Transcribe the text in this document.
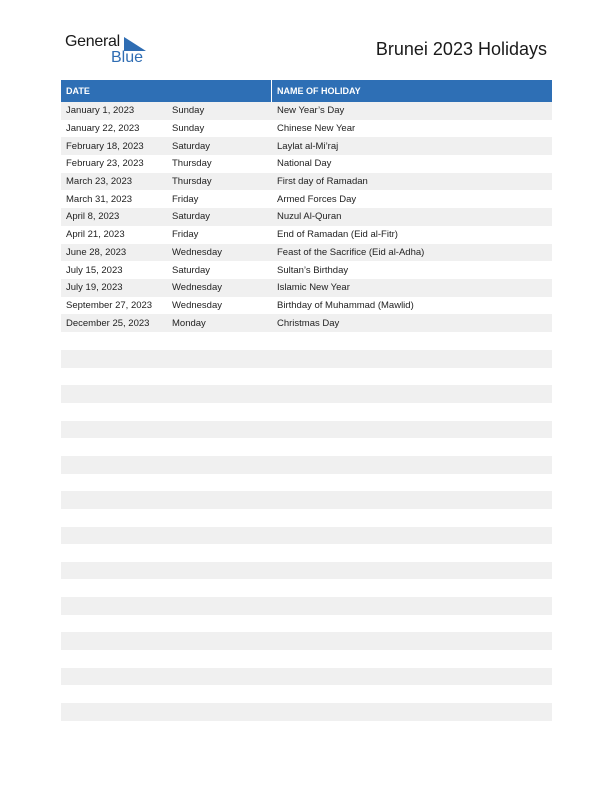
General
Blue	Brunei 2023 Holidays
DATE	NAME OF HOLIDAY
January 1, 2023	Sunday	New Year’s Day
January 22, 2023	Sunday	Chinese New Year
February 18, 2023	Saturday	Laylat al-Mi’raj
February 23, 2023	Thursday	National Day
March 23, 2023	Thursday	First day of Ramadan
March 31, 2023	Friday	Armed Forces Day
April 8, 2023	Saturday	Nuzul Al-Quran
April 21, 2023	Friday	End of Ramadan (Eid al-Fitr)
June 28, 2023	Wednesday	Feast of the Sacrifice (Eid al-Adha)
July 15, 2023	Saturday	Sultan’s Birthday
July 19, 2023	Wednesday	Islamic New Year
September 27, 2023	Wednesday	Birthday of Muhammad (Mawlid)
December 25, 2023	Monday	Christmas Day
